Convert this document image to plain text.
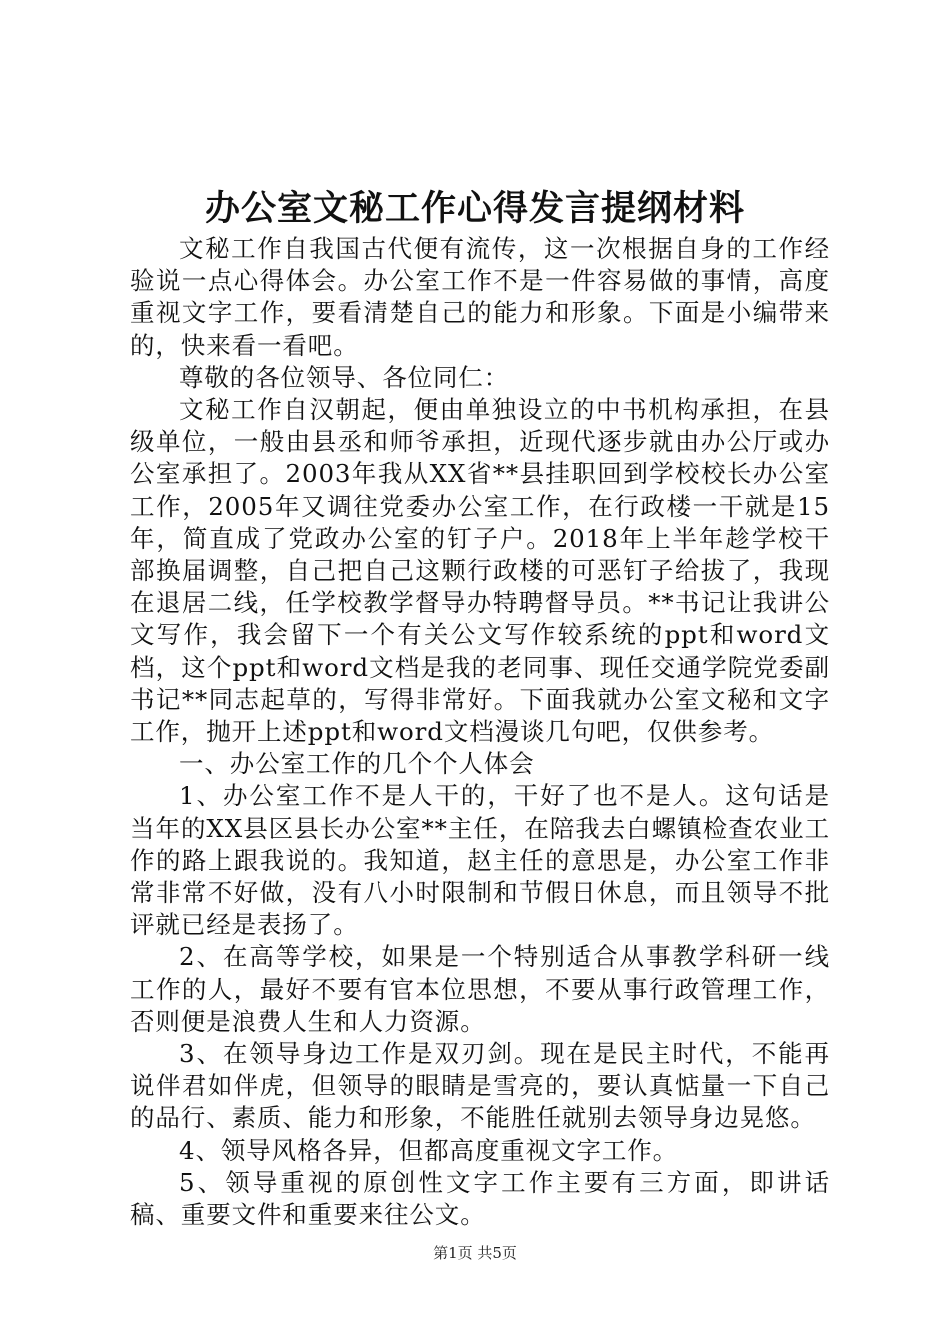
办公室文秘工作心得发言提纲材料

文秘工作自我国古代便有流传，这一次根据自身的工作经验说一点心得体会。办公室工作不是一件容易做的事情，高度重视文字工作，要看清楚自己的能力和形象。下面是小编带来的，快来看一看吧。

尊敬的各位领导、各位同仁：

文秘工作自汉朝起，便由单独设立的中书机构承担，在县级单位，一般由县丞和师爷承担，近现代逐步就由办公厅或办公室承担了。2003年我从XX省**县挂职回到学校校长办公室工作，2005年又调往党委办公室工作，在行政楼一干就是15年，简直成了党政办公室的钉子户。2018年上半年趁学校干部换届调整，自己把自己这颗行政楼的可恶钉子给拔了，我现在退居二线，任学校教学督导办特聘督导员。**书记让我讲公文写作，我会留下一个有关公文写作较系统的ppt和word文档，这个ppt和word文档是我的老同事、现任交通学院党委副书记**同志起草的，写得非常好。下面我就办公室文秘和文字工作，抛开上述ppt和word文档漫谈几句吧，仅供参考。

一、办公室工作的几个个人体会

1、办公室工作不是人干的，干好了也不是人。这句话是当年的XX县区县长办公室**主任，在陪我去白螺镇检查农业工作的路上跟我说的。我知道，赵主任的意思是，办公室工作非常非常不好做，没有八小时限制和节假日休息，而且领导不批评就已经是表扬了。

2、在高等学校，如果是一个特别适合从事教学科研一线工作的人，最好不要有官本位思想，不要从事行政管理工作，否则便是浪费人生和人力资源。

3、在领导身边工作是双刃剑。现在是民主时代，不能再说伴君如伴虎，但领导的眼睛是雪亮的，要认真惦量一下自己的品行、素质、能力和形象，不能胜任就别去领导身边晃悠。

4、领导风格各异，但都高度重视文字工作。

5、领导重视的原创性文字工作主要有三方面，即讲话稿、重要文件和重要来往公文。

第1页 共5页
